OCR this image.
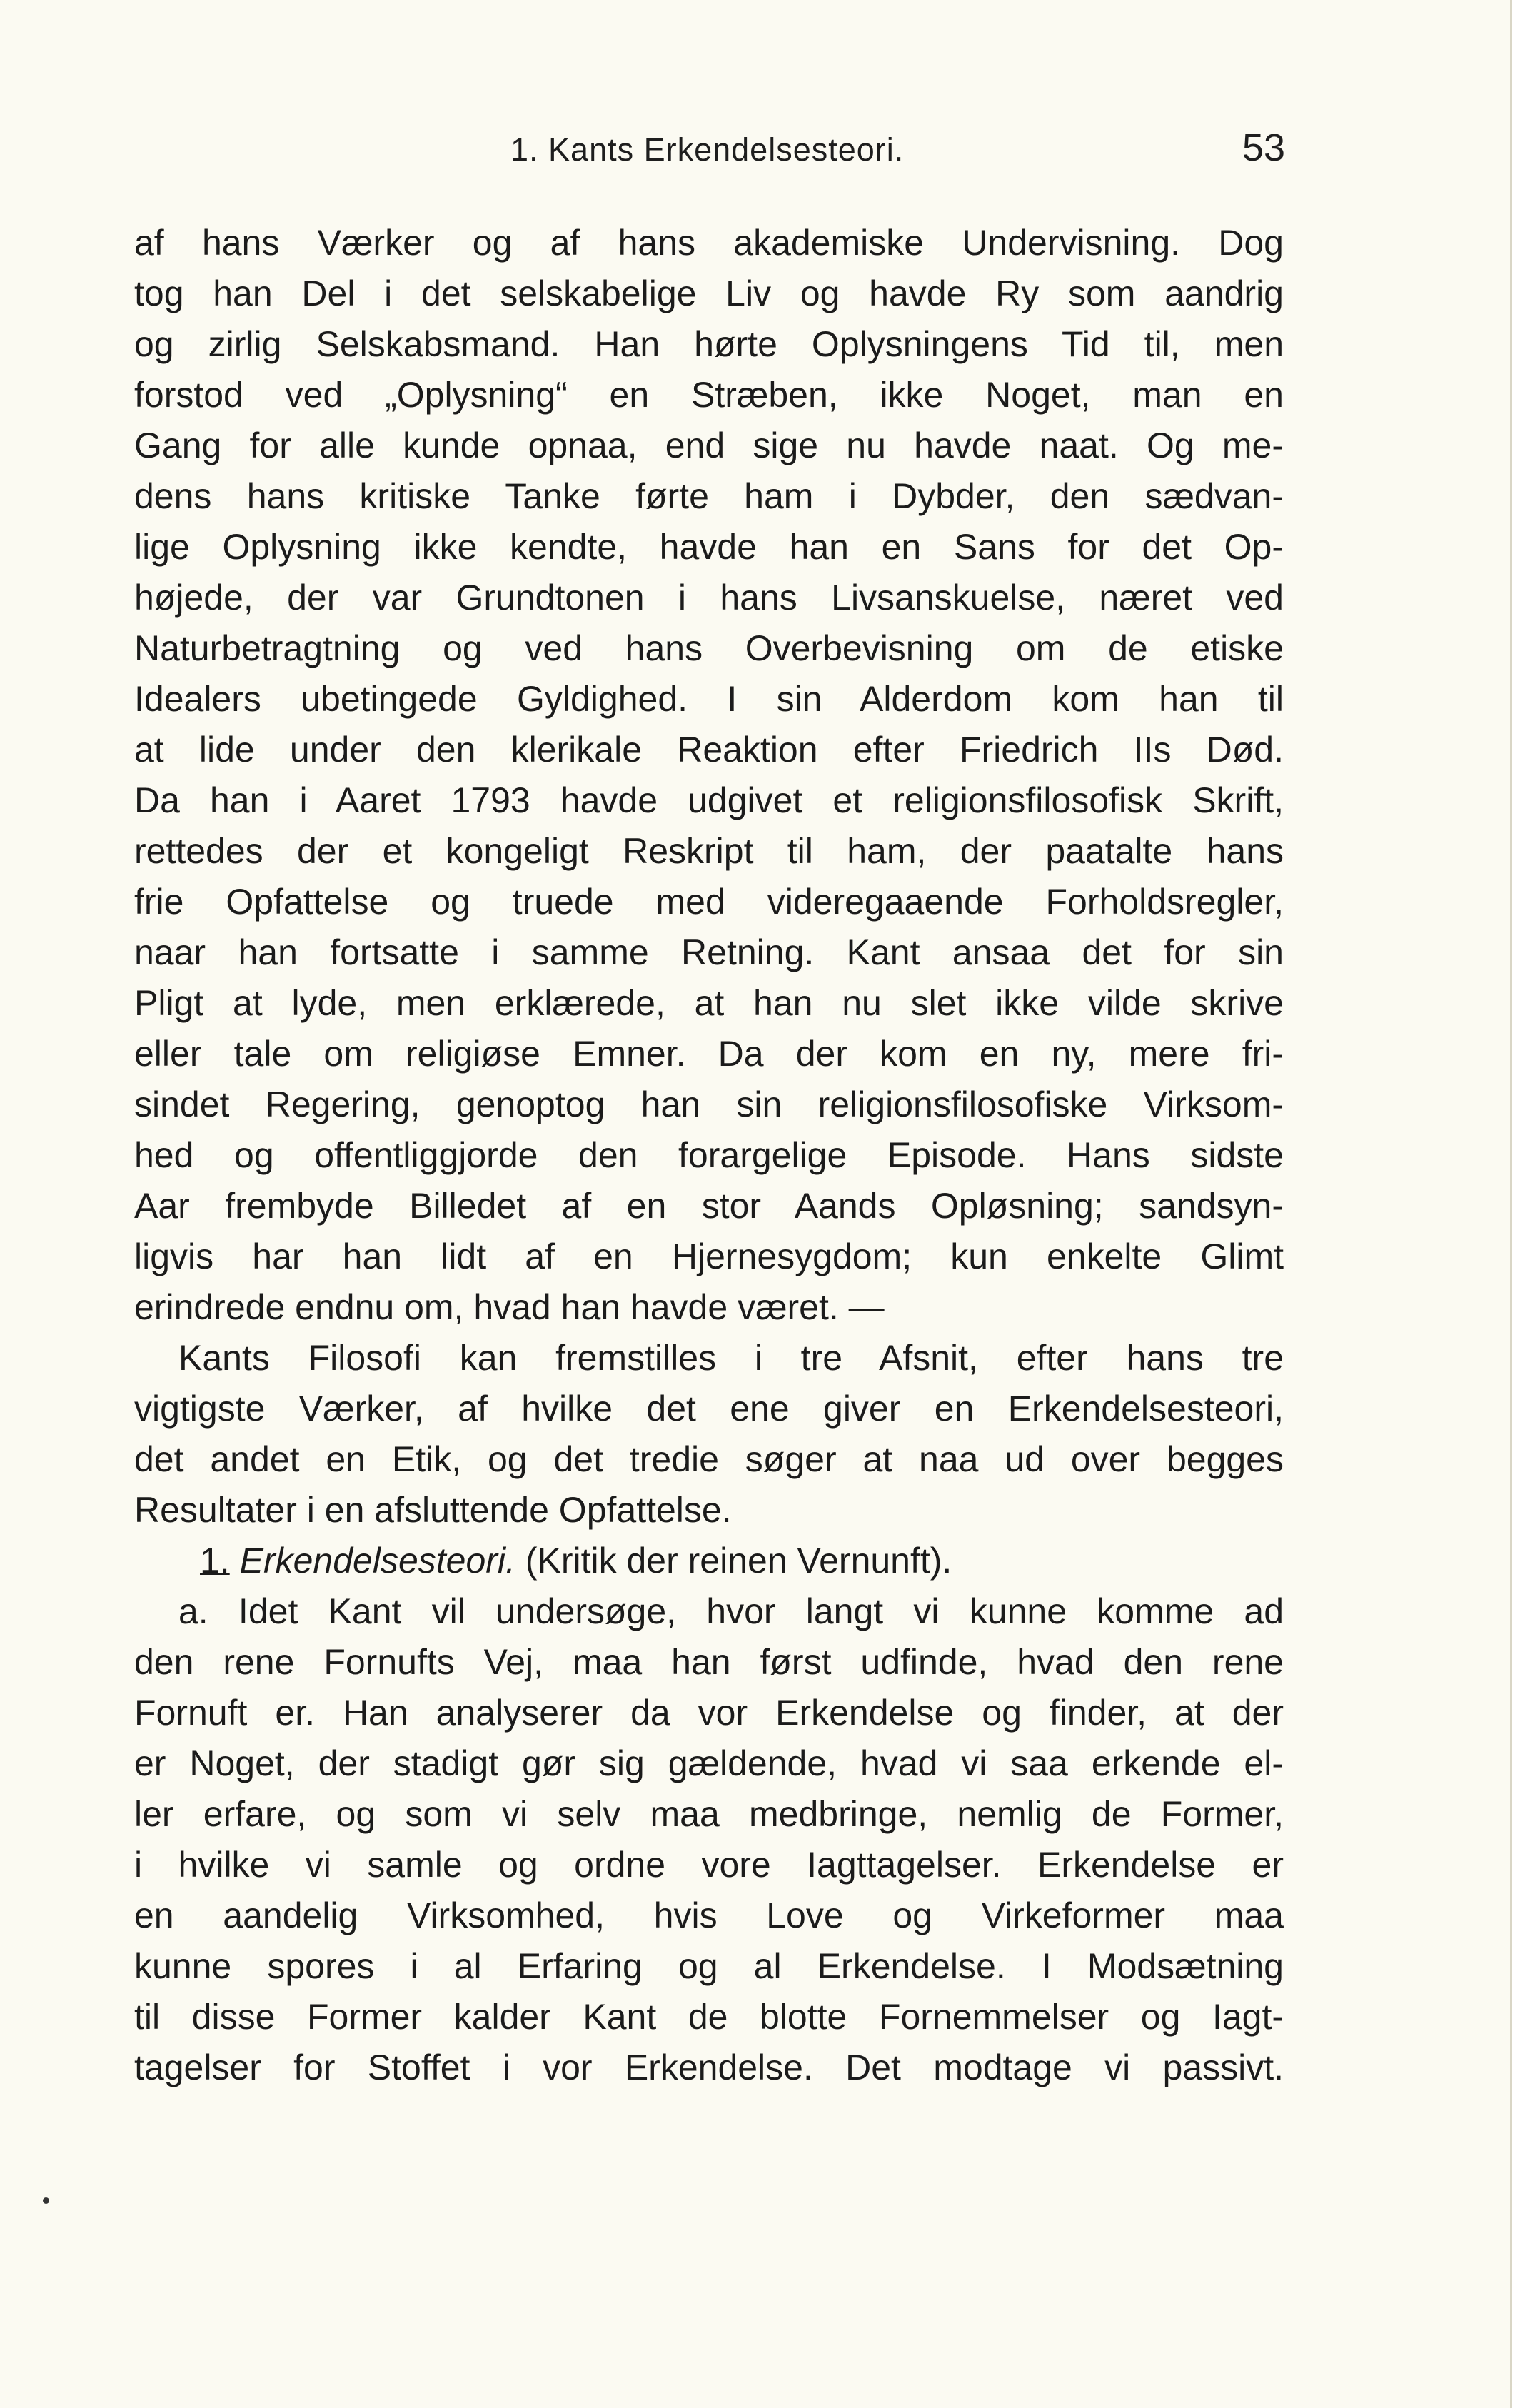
1. Kants Erkendelsesteori.	53
af hans Værker og af hans akademiske Undervisning. Dog
tog han Del i det selskabelige Liv og havde Ry som aandrig
og zirlig Selskabsmand. Han hørte Oplysningens Tid til, men
forstod ved „Oplysning“ en Stræben, ikke Noget, man en
Gang for alle kunde opnaa, end sige nu havde naat. Og me-
dens hans kritiske Tanke førte ham i Dybder, den sædvan-
lige Oplysning ikke kendte, havde han en Sans for det Op-
højede, der var Grundtonen i hans Livsanskuelse, næret ved
Naturbetragtning og ved hans Overbevisning om de etiske
Idealers ubetingede Gyldighed. I sin Alderdom kom han til
at lide under den klerikale Reaktion efter Friedrich IIs Død.
Da han i Aaret 1793 havde udgivet et religionsfilosofisk Skrift,
rettedes der et kongeligt Reskript til ham, der paatalte hans
frie Opfattelse og truede med videregaaende Forholdsregler,
naar han fortsatte i samme Retning. Kant ansaa det for sin
Pligt at lyde, men erklærede, at han nu slet ikke vilde skrive
eller tale om religiøse Emner. Da der kom en ny, mere fri-
sindet Regering, genoptog han sin religionsfilosofiske Virksom-
hed og offentliggjorde den forargelige Episode. Hans sidste
Aar frembyde Billedet af en stor Aands Opløsning; sandsyn-
ligvis har han lidt af en Hjernesygdom; kun enkelte Glimt
erindrede endnu om, hvad han havde været. —
Kants Filosofi kan fremstilles i tre Afsnit, efter hans tre
vigtigste Værker, af hvilke det ene giver en Erkendelsesteori,
det andet en Etik, og det tredie søger at naa ud over begges
Resultater i en afsluttende Opfattelse.
1. Erkendelsesteori. (Kritik der reinen Vernunft).
a. Idet Kant vil undersøge, hvor langt vi kunne komme ad
den rene Fornufts Vej, maa han først udfinde, hvad den rene
Fornuft er. Han analyserer da vor Erkendelse og finder, at der
er Noget, der stadigt gør sig gældende, hvad vi saa erkende el-
ler erfare, og som vi selv maa medbringe, nemlig de Former,
i hvilke vi samle og ordne vore Iagttagelser. Erkendelse er
en aandelig Virksomhed, hvis Love og Virkeformer maa
kunne spores i al Erfaring og al Erkendelse. I Modsætning
til disse Former kalder Kant de blotte Fornemmelser og Iagt-
tagelser for Stoffet i vor Erkendelse. Det modtage vi passivt.
